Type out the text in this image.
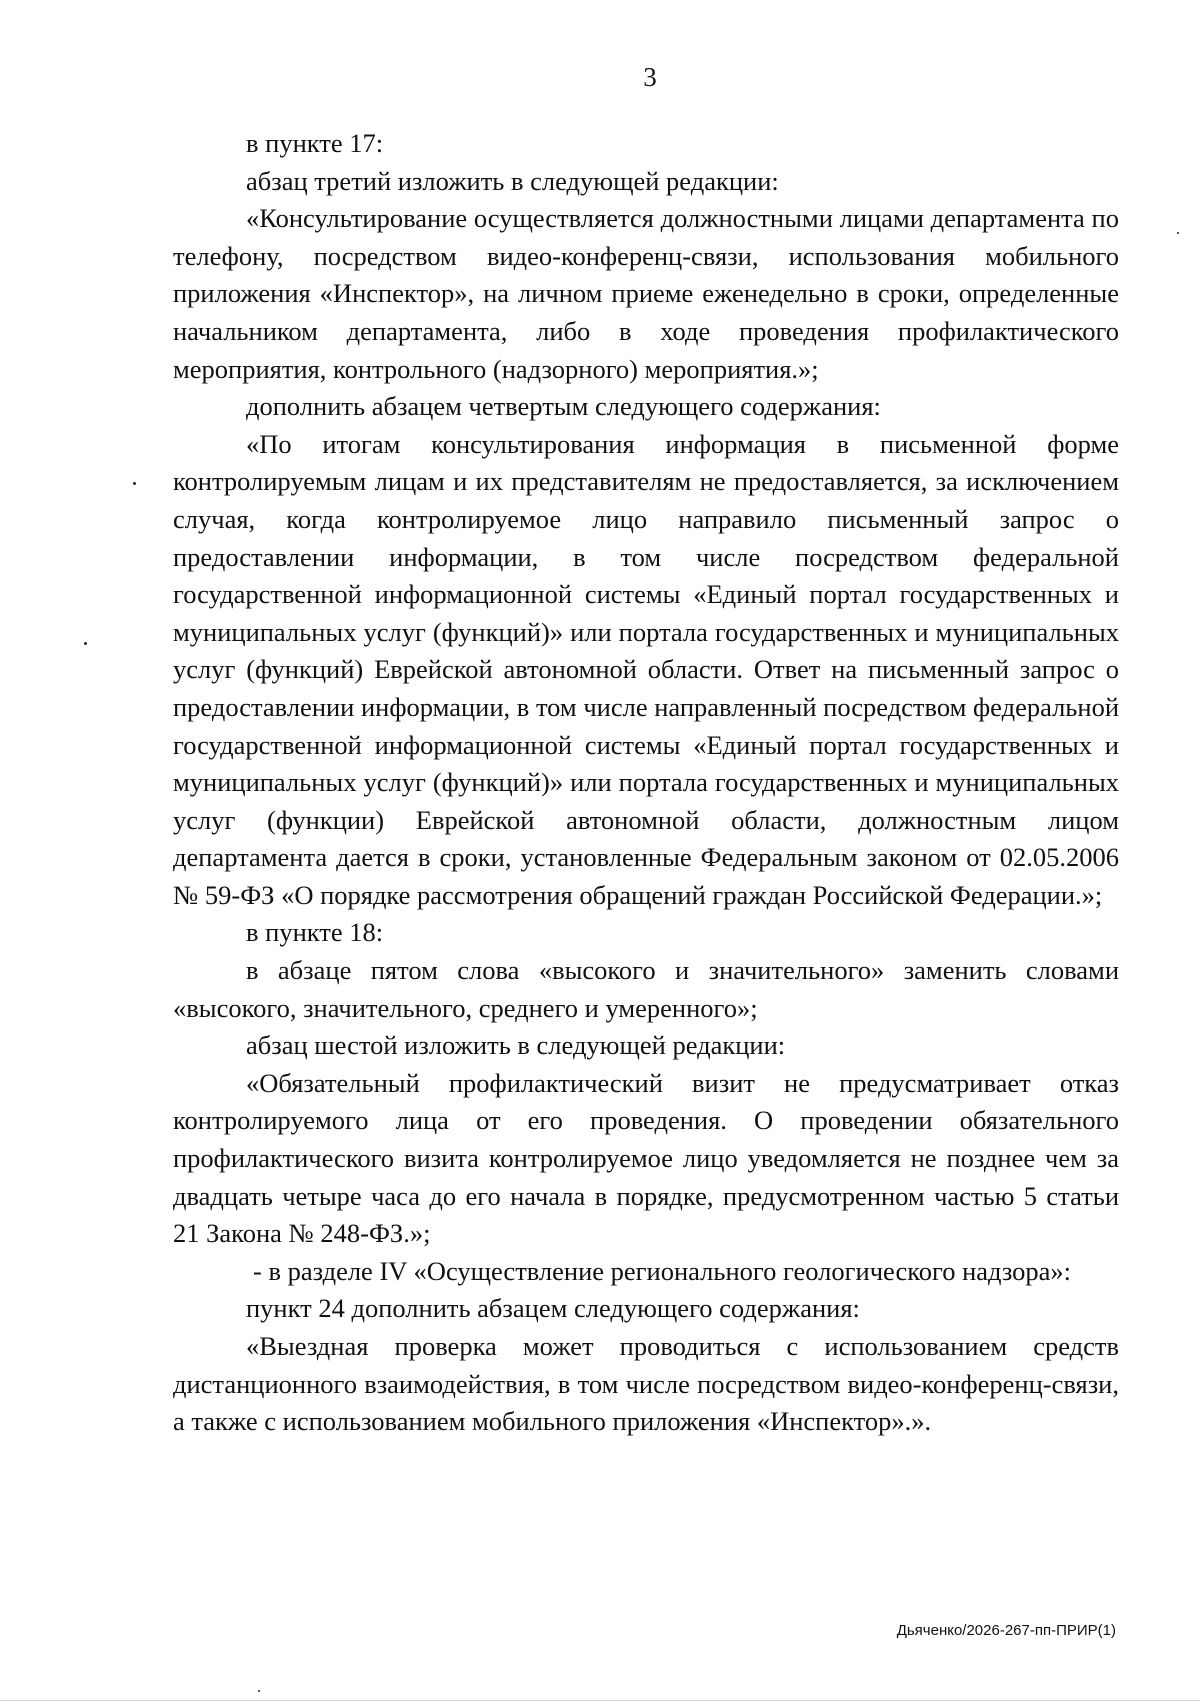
3

в пункте 17:

абзац третий изложить в следующей редакции:

«Консультирование осуществляется должностными лицами департамента по телефону, посредством видео-конференц-связи, использования мобильного приложения «Инспектор», на личном приеме еженедельно в сроки, определенные начальником департамента, либо в ходе проведения профилактического мероприятия, контрольного (надзорного) мероприятия.»;

дополнить абзацем четвертым следующего содержания:

«По итогам консультирования информация в письменной форме контролируемым лицам и их представителям не предоставляется, за исключением случая, когда контролируемое лицо направило письменный запрос о предоставлении информации, в том числе посредством федеральной государственной информационной системы «Единый портал государственных и муниципальных услуг (функций)» или портала государственных и муниципальных услуг (функций) Еврейской автономной области. Ответ на письменный запрос о предоставлении информации, в том числе направленный посредством федеральной государственной информационной системы «Единый портал государственных и муниципальных услуг (функций)» или портала государственных и муниципальных услуг (функции) Еврейской автономной области, должностным лицом департамента дается в сроки, установленные Федеральным законом от 02.05.2006 № 59-ФЗ «О порядке рассмотрения обращений граждан Российской Федерации.»;

в пункте 18:

в абзаце пятом слова «высокого и значительного» заменить словами «высокого, значительного, среднего и умеренного»;

абзац шестой изложить в следующей редакции:

«Обязательный профилактический визит не предусматривает отказ контролируемого лица от его проведения. О проведении обязательного профилактического визита контролируемое лицо уведомляется не позднее чем за двадцать четыре часа до его начала в порядке, предусмотренном частью 5 статьи 21 Закона № 248-ФЗ.»;

- в разделе IV «Осуществление регионального геологического надзора»:

пункт 24 дополнить абзацем следующего содержания:

«Выездная проверка может проводиться с использованием средств дистанционного взаимодействия, в том числе посредством видео-конференц-связи, а также с использованием мобильного приложения «Инспектор».».

Дьяченко/2026-267-пп-ПРИР(1)
